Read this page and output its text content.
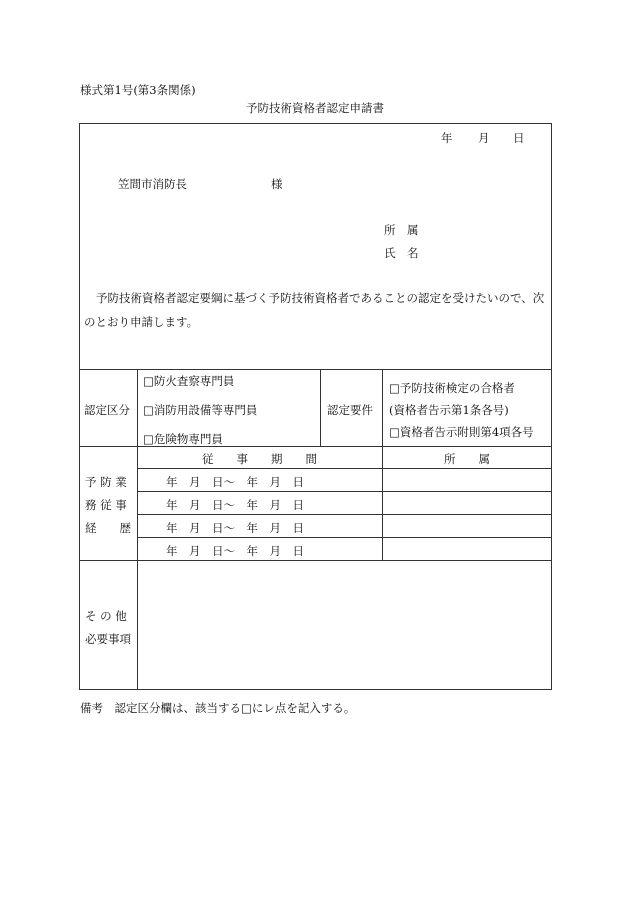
様式第1号(第3条関係)
予防技術資格者認定申請書
年 月 日
笠間市消防長	様
所　属
氏　名
予防技術資格者認定要綱に基づく予防技術資格者であることの認定を受けたいので、次
のとおり申請します。
認定区分
□防火査察専門員
□消防用設備等専門員
□危険物専門員
認定要件
□予防技術検定の合格者
(資格者告示第1条各号)
□資格者告示附則第4項各号
予 防 業
務 従 事
経　　歴
従　　事　　期　　間	所　　属
年　月　日～　年　月　日
年　月　日～　年　月　日
年　月　日～　年　月　日
年　月　日～　年　月　日
そ の 他
必要事項
備考　認定区分欄は、該当する□にレ点を記入する。
